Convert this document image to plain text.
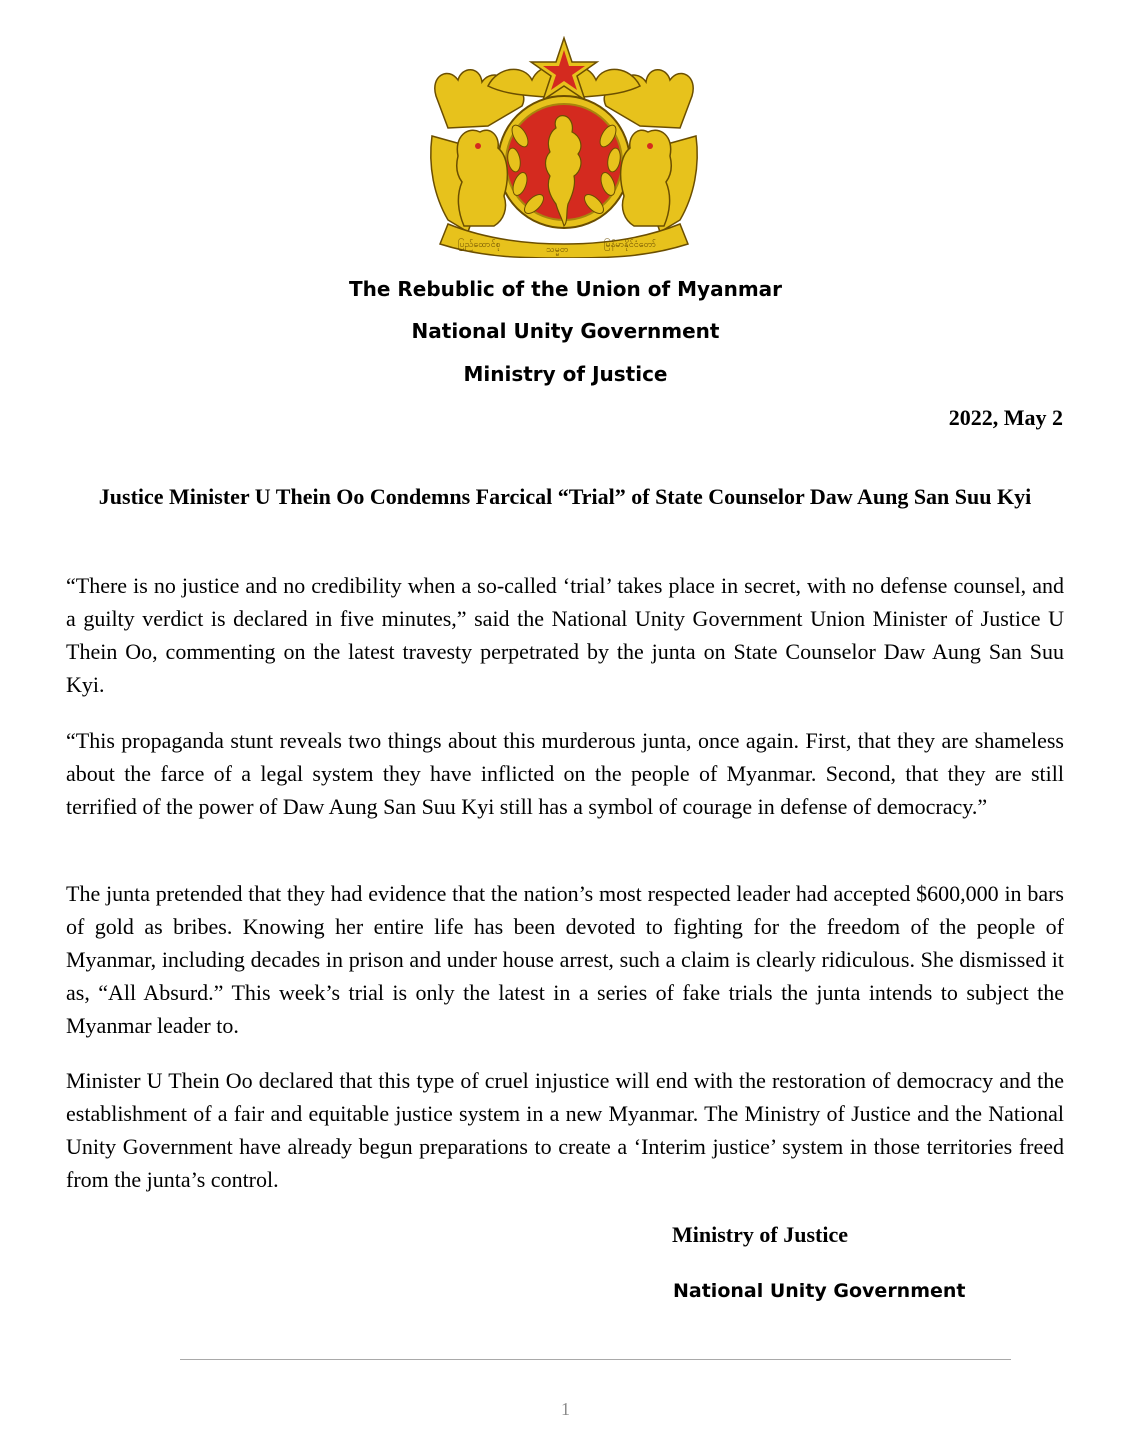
ပြည်ထောင်စု	သမ္မတ	မြန်မာနိုင်ငံတော်
The Rebublic of the Union of Myanmar
National Unity Government
Ministry of Justice
2022, May 2
Justice Minister U Thein Oo Condemns Farcical “Trial” of State Counselor Daw Aung San Suu Kyi

“There is no justice and no credibility when a so-called ‘trial’ takes place in secret, with no defense counsel, and a guilty verdict is declared in five minutes,” said the National Unity Government Union Minister of Justice U Thein Oo, commenting on the latest travesty perpetrated by the junta on State Counselor Daw Aung San Suu Kyi.

“This propaganda stunt reveals two things about this murderous junta, once again. First, that they are shameless about the farce of a legal system they have inflicted on the people of Myanmar. Second, that they are still terrified of the power of Daw Aung San Suu Kyi still has a symbol of courage in defense of democracy.”

The junta pretended that they had evidence that the nation’s most respected leader had accepted $600,000 in bars of gold as bribes. Knowing her entire life has been devoted to fighting for the freedom of the people of Myanmar, including decades in prison and under house arrest, such a claim is clearly ridiculous. She dismissed it as, “All Absurd.” This week’s trial is only the latest in a series of fake trials the junta intends to subject the Myanmar leader to.

Minister U Thein Oo declared that this type of cruel injustice will end with the restoration of democracy and the establishment of a fair and equitable justice system in a new Myanmar. The Ministry of Justice and the National Unity Government have already begun preparations to create a ‘Interim justice’ system in those territories freed from the junta’s control.

Ministry of Justice
National Unity Government
1
